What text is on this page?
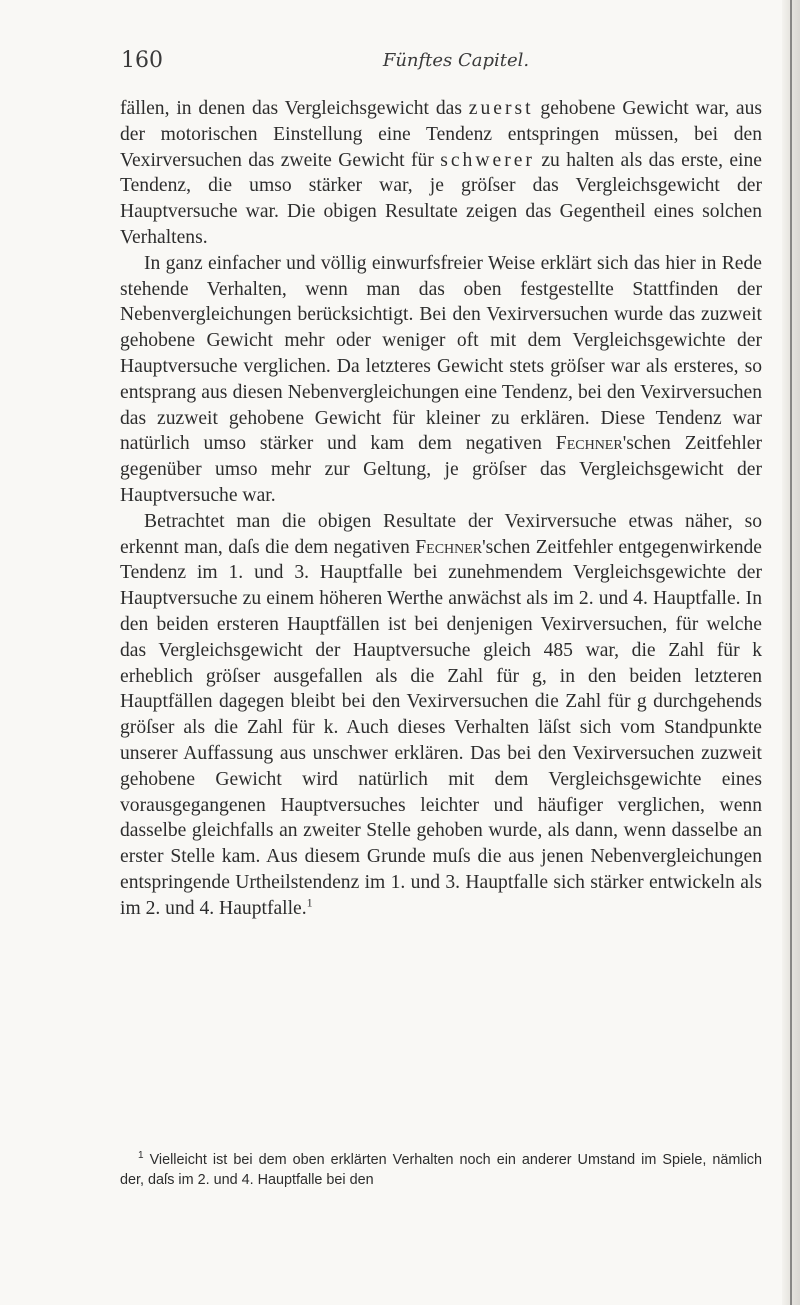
160	Fünftes Capitel.

fällen, in denen das Vergleichsgewicht das zuerst gehobene Gewicht war, aus der motorischen Einstellung eine Tendenz entspringen müssen, bei den Vexirversuchen das zweite Gewicht für schwerer zu halten als das erste, eine Tendenz, die umso stärker war, je gröſser das Vergleichsgewicht der Hauptversuche war. Die obigen Resultate zeigen das Gegentheil eines solchen Verhaltens.

In ganz einfacher und völlig einwurfsfreier Weise erklärt sich das hier in Rede stehende Verhalten, wenn man das oben festgestellte Stattfinden der Nebenvergleichungen berücksichtigt. Bei den Vexirversuchen wurde das zuzweit gehobene Gewicht mehr oder weniger oft mit dem Vergleichsgewichte der Hauptversuche verglichen. Da letzteres Gewicht stets gröſser war als ersteres, so entsprang aus diesen Nebenvergleichungen eine Tendenz, bei den Vexirversuchen das zuzweit gehobene Gewicht für kleiner zu erklären. Diese Tendenz war natürlich umso stärker und kam dem negativen Fechner'schen Zeitfehler gegenüber umso mehr zur Geltung, je gröſser das Vergleichsgewicht der Hauptversuche war.

Betrachtet man die obigen Resultate der Vexirversuche etwas näher, so erkennt man, daſs die dem negativen Fechner'schen Zeitfehler entgegenwirkende Tendenz im 1. und 3. Hauptfalle bei zunehmendem Vergleichsgewichte der Hauptversuche zu einem höheren Werthe anwächst als im 2. und 4. Hauptfalle. In den beiden ersteren Hauptfällen ist bei denjenigen Vexirversuchen, für welche das Vergleichsgewicht der Hauptversuche gleich 485 war, die Zahl für k erheblich gröſser ausgefallen als die Zahl für g, in den beiden letzteren Hauptfällen dagegen bleibt bei den Vexirversuchen die Zahl für g durchgehends gröſser als die Zahl für k. Auch dieses Verhalten läſst sich vom Standpunkte unserer Auffassung aus unschwer erklären. Das bei den Vexirversuchen zuzweit gehobene Gewicht wird natürlich mit dem Vergleichsgewichte eines vorausgegangenen Hauptversuches leichter und häufiger verglichen, wenn dasselbe gleichfalls an zweiter Stelle gehoben wurde, als dann, wenn dasselbe an erster Stelle kam. Aus diesem Grunde muſs die aus jenen Nebenvergleichungen entspringende Urtheilstendenz im 1. und 3. Hauptfalle sich stärker entwickeln als im 2. und 4. Hauptfalle.$^1$

$^1$ Vielleicht ist bei dem oben erklärten Verhalten noch ein anderer Umstand im Spiele, nämlich der, daſs im 2. und 4. Hauptfalle bei den
